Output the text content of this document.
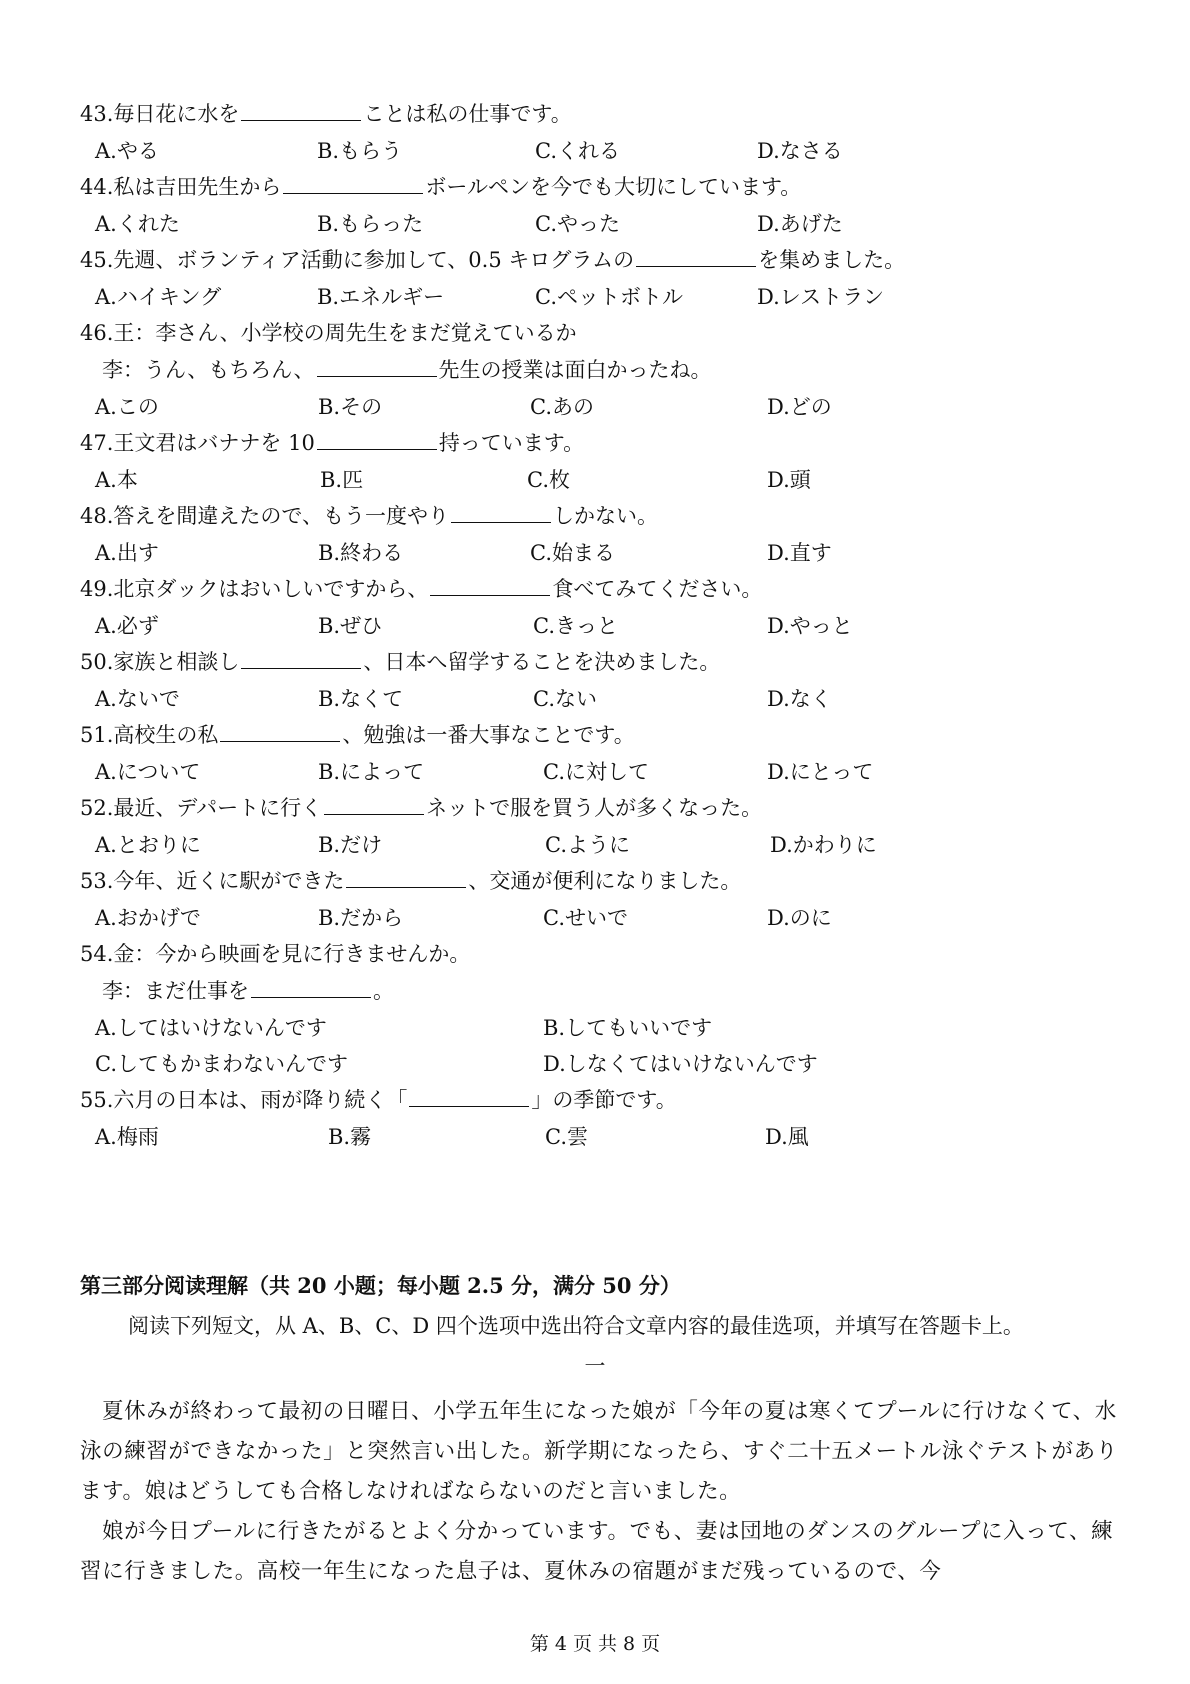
43.毎日花に水を	ことは私の仕事です。
A.やる	B.もらう	C.くれる	D.なさる
44.私は吉田先生から	ボールペンを今でも大切にしています。
A.くれた	B.もらった	C.やった	D.あげた
45.先週、ボランティア活動に参加して、0.5 キログラムの	を集めました。
A.ハイキング	B.エネルギー	C.ペットボトル	D.レストラン
46.王：李さん、小学校の周先生をまだ覚えているか
李：うん、もちろん、	先生の授業は面白かったね。
A.この	B.その	C.あの	D.どの
47.王文君はバナナを 10	持っています。
A.本	B.匹	C.枚	D.頭
48.答えを間違えたので、もう一度やり	しかない。
A.出す	B.終わる	C.始まる	D.直す
49.北京ダックはおいしいですから、	食べてみてください。
A.必ず	B.ぜひ	C.きっと	D.やっと
50.家族と相談し	、日本へ留学することを決めました。
A.ないで	B.なくて	C.ない	D.なく
51.高校生の私	、勉強は一番大事なことです。
A.について	B.によって	C.に対して	D.にとって
52.最近、デパートに行く	ネットで服を買う人が多くなった。
A.とおりに	B.だけ	C.ように	D.かわりに
53.今年、近くに駅ができた	、交通が便利になりました。
A.おかげで	B.だから	C.せいで	D.のに
54.金：今から映画を見に行きませんか。
李：まだ仕事を	。
A.してはいけないんです	B.してもいいです
C.してもかまわないんです	D.しなくてはいけないんです
55.六月の日本は、雨が降り続く「	」の季節です。
A.梅雨	B.霧	C.雲	D.風
第三部分阅读理解（共 20 小题；每小题 2.5 分，满分 50 分）
阅读下列短文，从 A、B、C、D 四个选项中选出符合文章内容的最佳选项，并填写在答题卡上。
一
夏休みが終わって最初の日曜日、小学五年生になった娘が「今年の夏は寒くてプールに行けなくて、水泳の練習ができなかった」と突然言い出した。新学期になったら、すぐ二十五メートル泳ぐテストがあります。娘はどうしても合格しなければならないのだと言いました。
娘が今日プールに行きたがるとよく分かっています。でも、妻は団地のダンスのグループに入って、練習に行きました。高校一年生になった息子は、夏休みの宿題がまだ残っているので、今
第 4 页 共 8 页
